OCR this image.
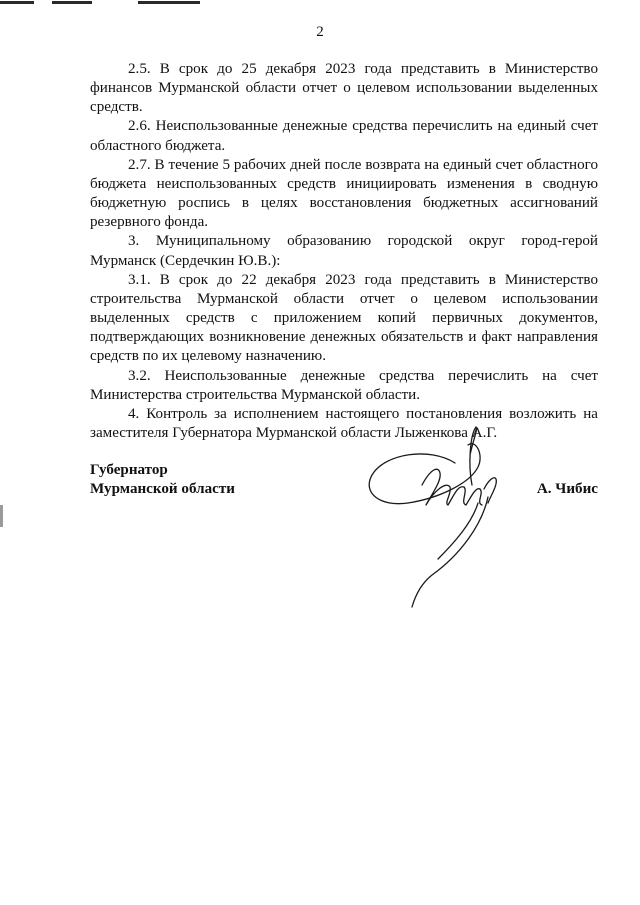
2

2.5. В срок до 25 декабря 2023 года представить в Министерство финансов Мурманской области отчет о целевом использовании выделенных средств.

2.6. Неиспользованные денежные средства перечислить на единый счет областного бюджета.

2.7. В течение 5 рабочих дней после возврата на единый счет областного бюджета неиспользованных средств инициировать изменения в сводную бюджетную роспись в целях восстановления бюджетных ассигнований резервного фонда.

3. Муниципальному образованию городской округ город-герой Мурманск (Сердечкин Ю.В.):

3.1. В срок до 22 декабря 2023 года представить в Министерство строительства Мурманской области отчет о целевом использовании выделенных средств с приложением копий первичных документов, подтверждающих возникновение денежных обязательств и факт направления средств по их целевому назначению.

3.2. Неиспользованные денежные средства перечислить на счет Министерства строительства Мурманской области.

4. Контроль за исполнением настоящего постановления возложить на заместителя Губернатора Мурманской области Лыженкова А.Г.

Губернатор
Мурманской области	А. Чибис
